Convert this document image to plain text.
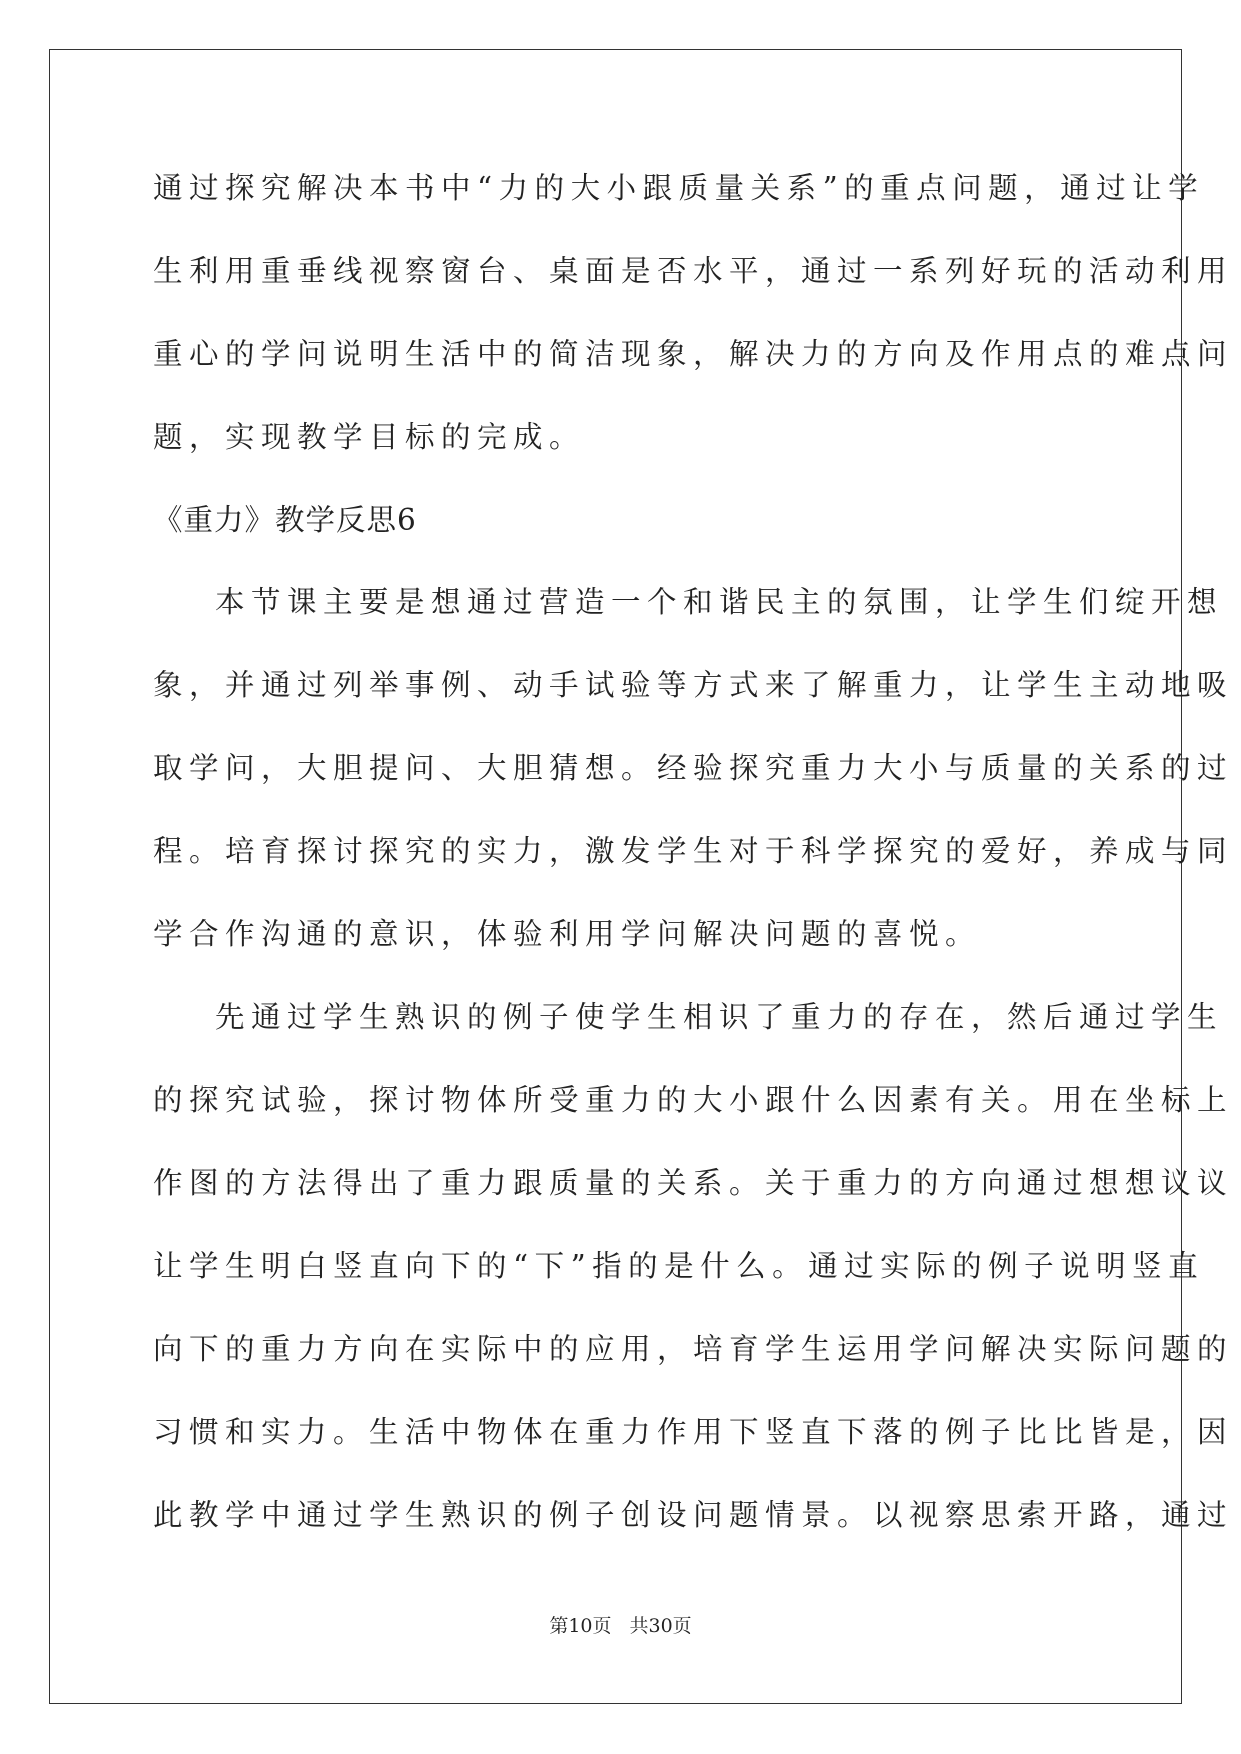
通过探究解决本书中“力的大小跟质量关系”的重点问题，通过让学
生利用重垂线视察窗台、桌面是否水平，通过一系列好玩的活动利用
重心的学问说明生活中的简洁现象，解决力的方向及作用点的难点问
题，实现教学目标的完成。
《重力》教学反思6
本节课主要是想通过营造一个和谐民主的氛围，让学生们绽开想
象，并通过列举事例、动手试验等方式来了解重力，让学生主动地吸
取学问，大胆提问、大胆猜想。经验探究重力大小与质量的关系的过
程。培育探讨探究的实力，激发学生对于科学探究的爱好，养成与同
学合作沟通的意识，体验利用学问解决问题的喜悦。
先通过学生熟识的例子使学生相识了重力的存在，然后通过学生
的探究试验，探讨物体所受重力的大小跟什么因素有关。用在坐标上
作图的方法得出了重力跟质量的关系。关于重力的方向通过想想议议
让学生明白竖直向下的“下”指的是什么。通过实际的例子说明竖直
向下的重力方向在实际中的应用，培育学生运用学问解决实际问题的
习惯和实力。生活中物体在重力作用下竖直下落的例子比比皆是，因
此教学中通过学生熟识的例子创设问题情景。以视察思索开路，通过
第10页 共30页
